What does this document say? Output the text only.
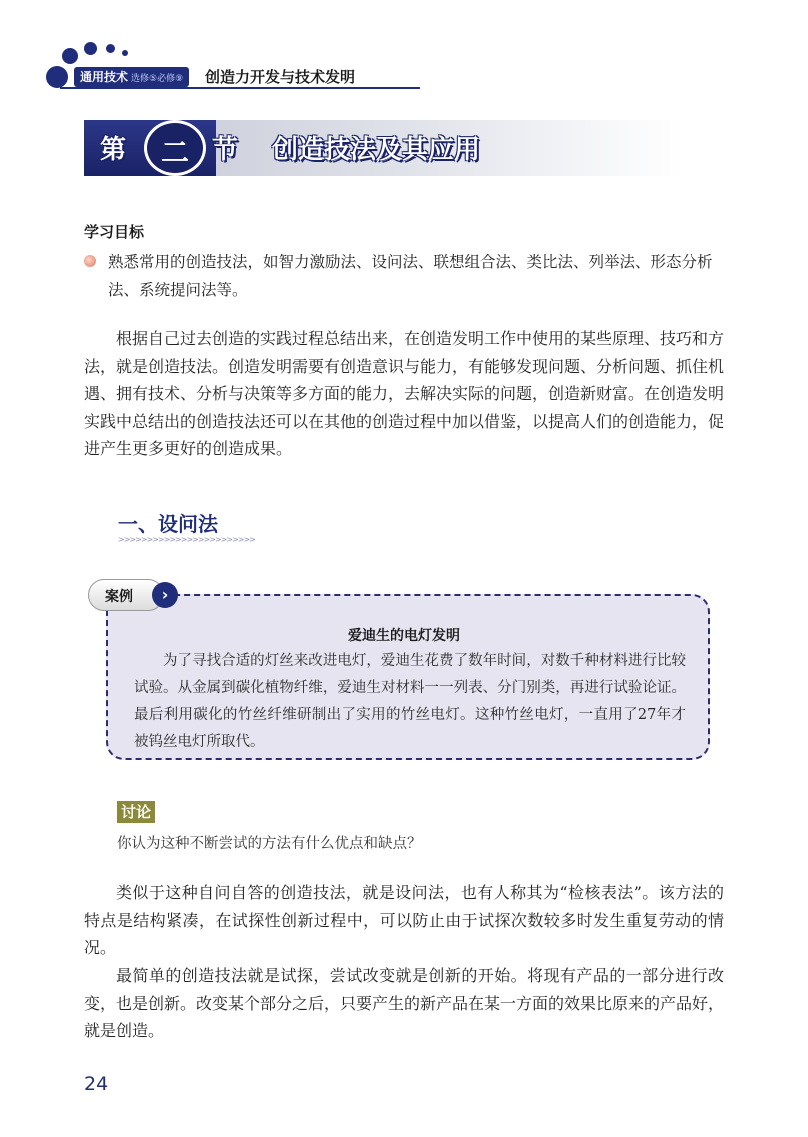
通用技术 选修⑤必修⑨	创造力开发与技术发明
第	二 节 创造技法及其应用
学习目标
熟悉常用的创造技法，如智力激励法、设问法、联想组合法、类比法、列举法、形态分析法、系统提问法等。
根据自己过去创造的实践过程总结出来，在创造发明工作中使用的某些原理、技巧和方法，就是创造技法。创造发明需要有创造意识与能力，有能够发现问题、分析问题、抓住机遇、拥有技术、分析与决策等多方面的能力，去解决实际的问题，创造新财富。在创造发明实践中总结出的创造技法还可以在其他的创造过程中加以借鉴，以提高人们的创造能力，促进产生更多更好的创造成果。
一、设问法
>>>>>>>>>>>>>>>>>>>>>>>>
案例	›
爱迪生的电灯发明
为了寻找合适的灯丝来改进电灯，爱迪生花费了数年时间，对数千种材料进行比较试验。从金属到碳化植物纤维，爱迪生对材料一一列表、分门别类，再进行试验论证。最后利用碳化的竹丝纤维研制出了实用的竹丝电灯。这种竹丝电灯，一直用了27年才被钨丝电灯所取代。
讨论
你认为这种不断尝试的方法有什么优点和缺点？
类似于这种自问自答的创造技法，就是设问法，也有人称其为“检核表法”。该方法的特点是结构紧凑，在试探性创新过程中，可以防止由于试探次数较多时发生重复劳动的情况。
最简单的创造技法就是试探，尝试改变就是创新的开始。将现有产品的一部分进行改变，也是创新。改变某个部分之后，只要产生的新产品在某一方面的效果比原来的产品好，就是创造。
24
